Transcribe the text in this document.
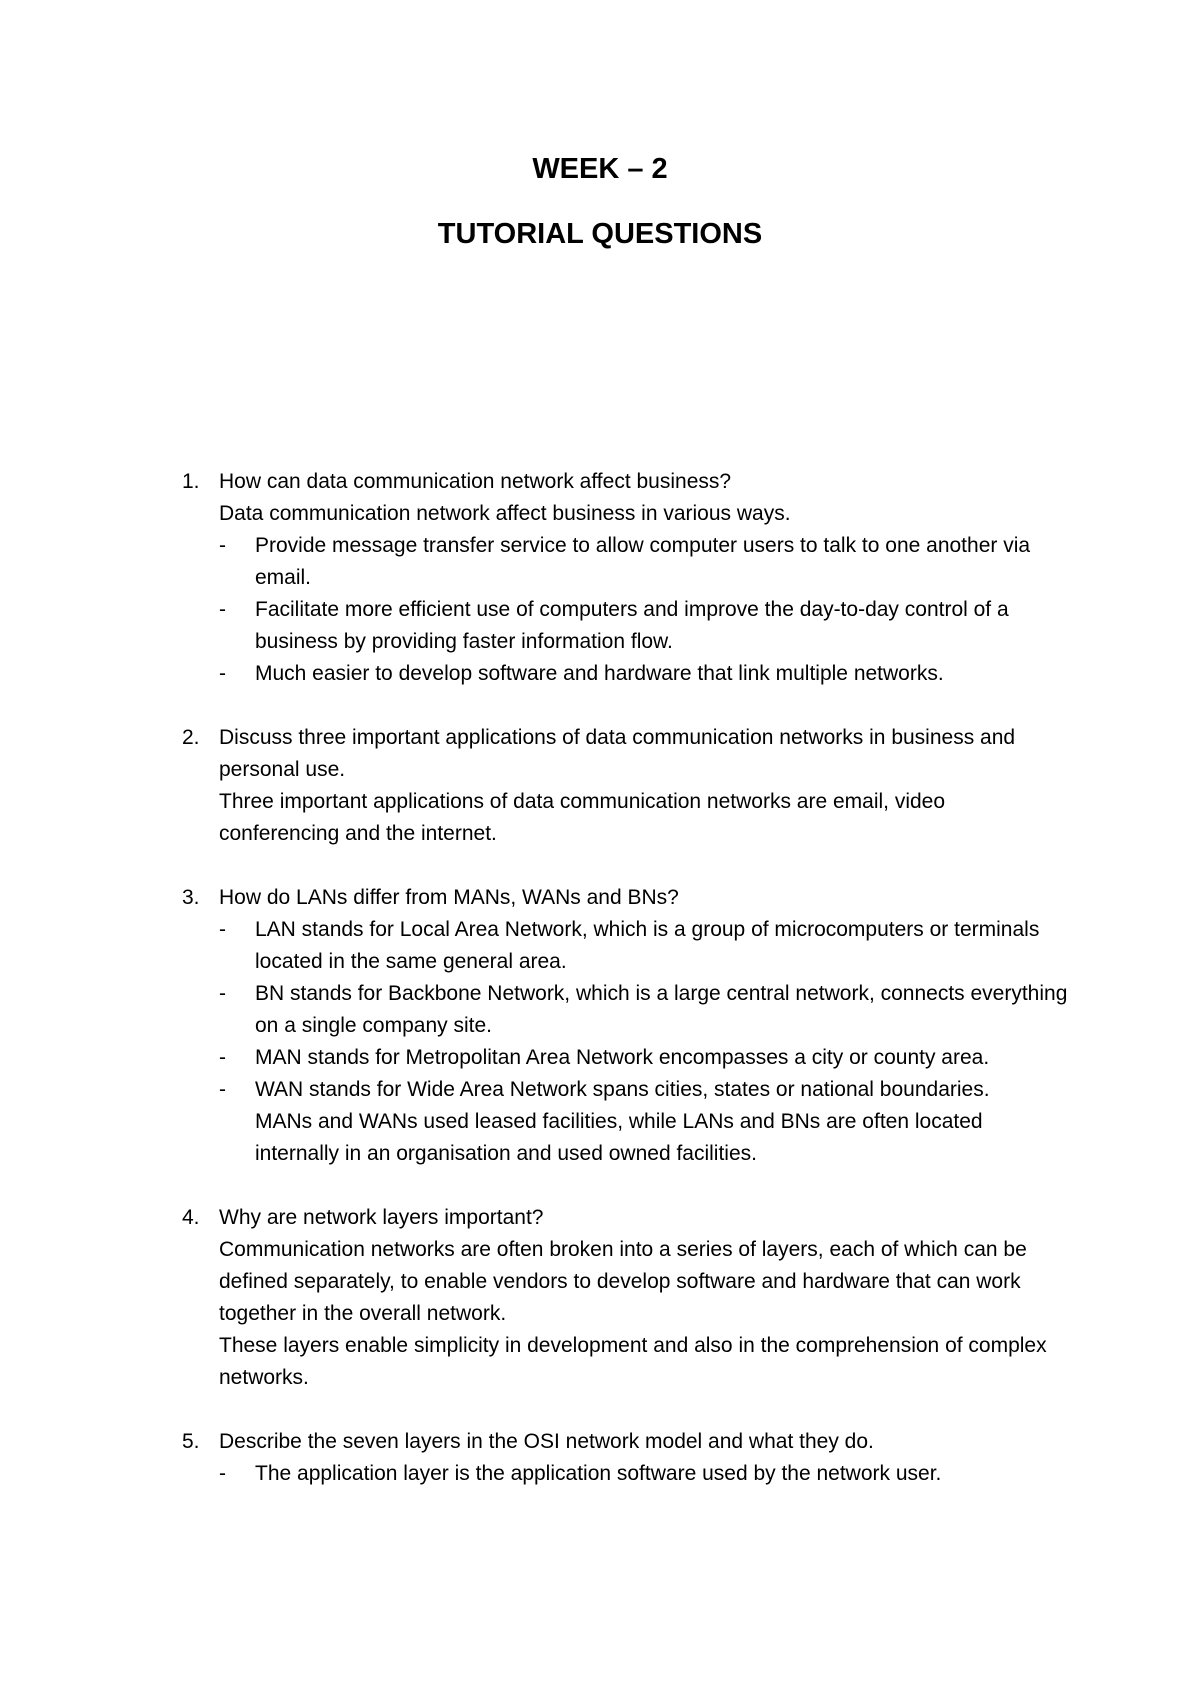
WEEK – 2
TUTORIAL QUESTIONS
1. How can data communication network affect business?
Data communication network affect business in various ways.
- Provide message transfer service to allow computer users to talk to one another via email.
- Facilitate more efficient use of computers and improve the day-to-day control of a business by providing faster information flow.
- Much easier to develop software and hardware that link multiple networks.
2. Discuss three important applications of data communication networks in business and personal use.
Three important applications of data communication networks are email, video conferencing and the internet.
3. How do LANs differ from MANs, WANs and BNs?
- LAN stands for Local Area Network, which is a group of microcomputers or terminals located in the same general area.
- BN stands for Backbone Network, which is a large central network, connects everything on a single company site.
- MAN stands for Metropolitan Area Network encompasses a city or county area.
- WAN stands for Wide Area Network spans cities, states or national boundaries.
MANs and WANs used leased facilities, while LANs and BNs are often located internally in an organisation and used owned facilities.
4. Why are network layers important?
Communication networks are often broken into a series of layers, each of which can be defined separately, to enable vendors to develop software and hardware that can work together in the overall network.
These layers enable simplicity in development and also in the comprehension of complex networks.
5. Describe the seven layers in the OSI network model and what they do.
- The application layer is the application software used by the network user.
